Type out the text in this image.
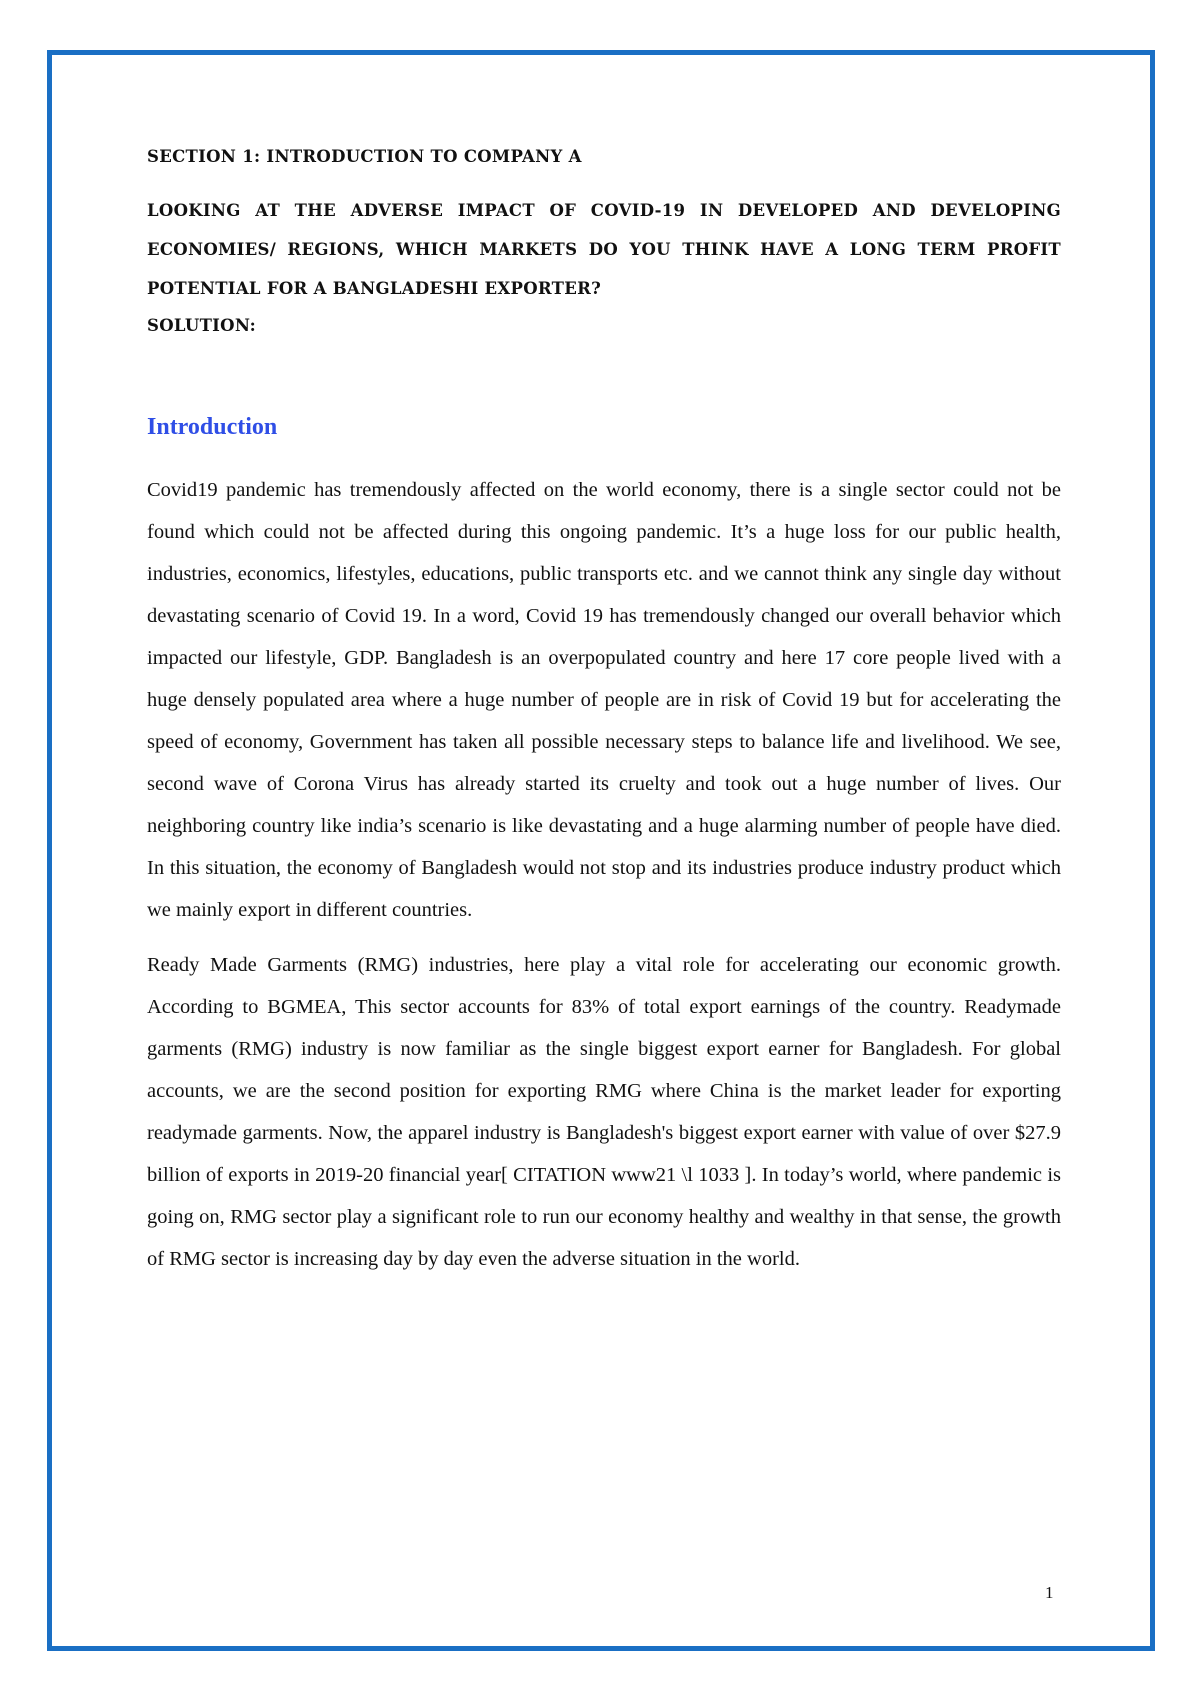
SECTION 1: INTRODUCTION TO COMPANY A
LOOKING AT THE ADVERSE IMPACT OF COVID-19 IN DEVELOPED AND DEVELOPING ECONOMIES/ REGIONS, WHICH MARKETS DO YOU THINK HAVE A LONG TERM PROFIT POTENTIAL FOR A BANGLADESHI EXPORTER?
SOLUTION:
Introduction

Covid19 pandemic has tremendously affected on the world economy, there is a single sector could not be found which could not be affected during this ongoing pandemic. It’s a huge loss for our public health, industries, economics, lifestyles, educations, public transports etc. and we cannot think any single day without devastating scenario of Covid 19. In a word, Covid 19 has tremendously changed our overall behavior which impacted our lifestyle, GDP. Bangladesh is an overpopulated country and here 17 core people lived with a huge densely populated area where a huge number of people are in risk of Covid 19 but for accelerating the speed of economy, Government has taken all possible necessary steps to balance life and livelihood. We see, second wave of Corona Virus has already started its cruelty and took out a huge number of lives. Our neighboring country like india’s scenario is like devastating and a huge alarming number of people have died. In this situation, the economy of Bangladesh would not stop and its industries produce industry product which we mainly export in different countries.

Ready Made Garments (RMG) industries, here play a vital role for accelerating our economic growth. According to BGMEA, This sector accounts for 83% of total export earnings of the country. Readymade garments (RMG) industry is now familiar as the single biggest export earner for Bangladesh. For global accounts, we are the second position for exporting RMG where China is the market leader for exporting readymade garments. Now, the apparel industry is Bangladesh's biggest export earner with value of over $27.9 billion of exports in 2019-20 financial year[ CITATION www21 \l 1033 ]. In today’s world, where pandemic is going on, RMG sector play a significant role to run our economy healthy and wealthy in that sense, the growth of RMG sector is increasing day by day even the adverse situation in the world.

1
